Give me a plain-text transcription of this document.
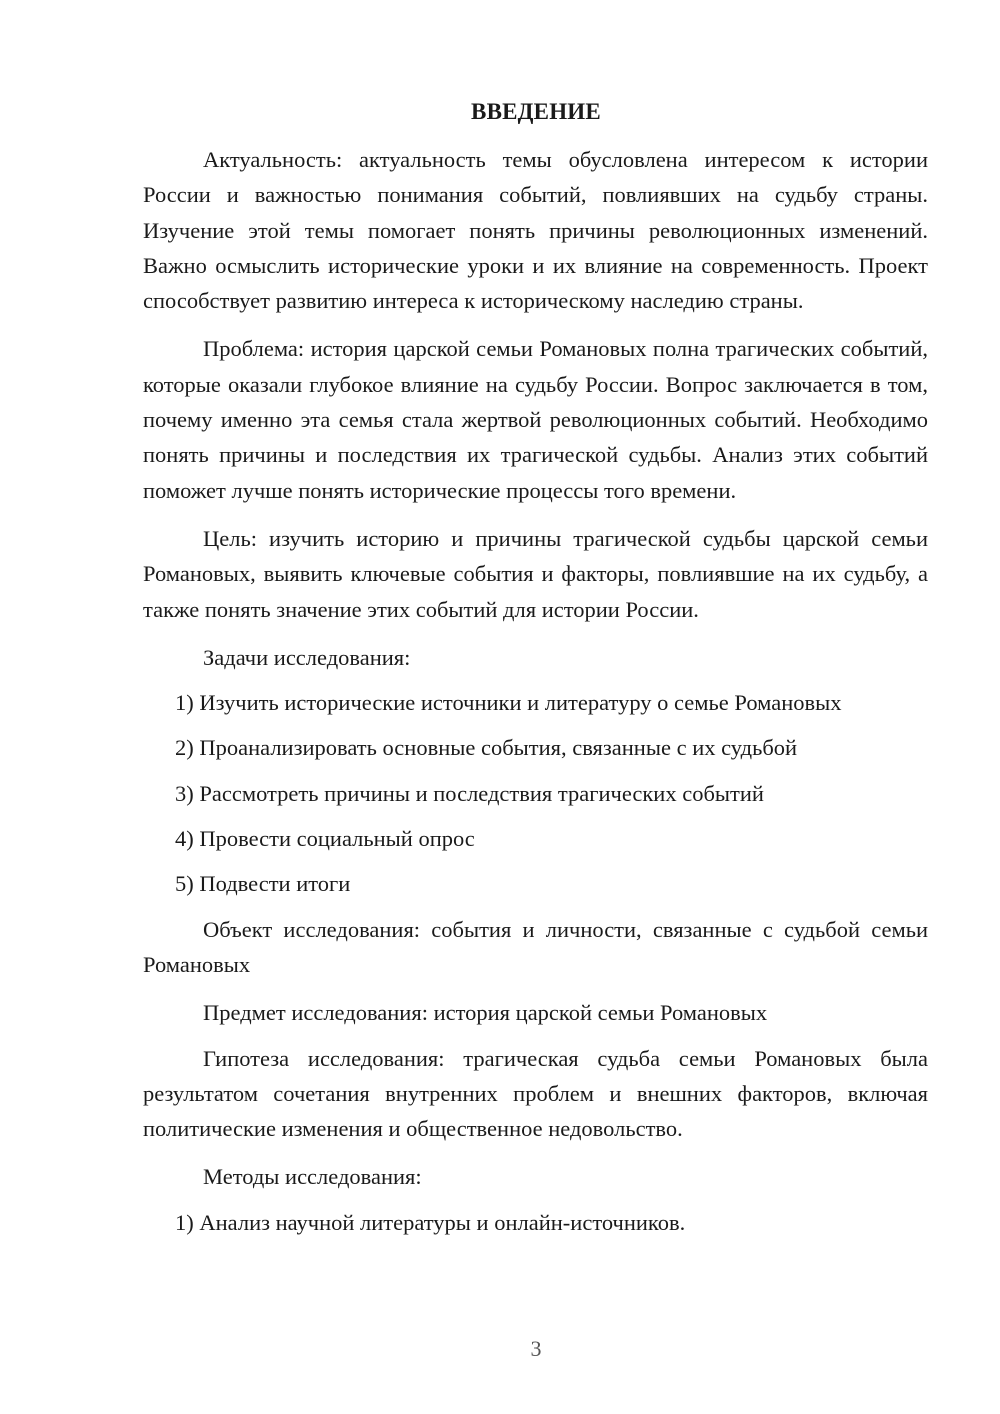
ВВЕДЕНИЕ

Актуальность: актуальность темы обусловлена интересом к истории России и важностью понимания событий, повлиявших на судьбу страны. Изучение этой темы помогает понять причины революционных изменений. Важно осмыслить исторические уроки и их влияние на современность. Проект способствует развитию интереса к историческому наследию страны.

Проблема: история царской семьи Романовых полна трагических событий, которые оказали глубокое влияние на судьбу России. Вопрос заключается в том, почему именно эта семья стала жертвой революционных событий. Необходимо понять причины и последствия их трагической судьбы. Анализ этих событий поможет лучше понять исторические процессы того времени.

Цель: изучить историю и причины трагической судьбы царской семьи Романовых, выявить ключевые события и факторы, повлиявшие на их судьбу, а также понять значение этих событий для истории России.

Задачи исследования:

1) Изучить исторические источники и литературу о семье Романовых
2) Проанализировать основные события, связанные с их судьбой
3) Рассмотреть причины и последствия трагических событий
4) Провести социальный опрос
5) Подвести итоги

Объект исследования: события и личности, связанные с судьбой семьи Романовых

Предмет исследования: история царской семьи Романовых

Гипотеза исследования: трагическая судьба семьи Романовых была результатом сочетания внутренних проблем и внешних факторов, включая политические изменения и общественное недовольство.

Методы исследования:

1) Анализ научной литературы и онлайн-источников.
3
